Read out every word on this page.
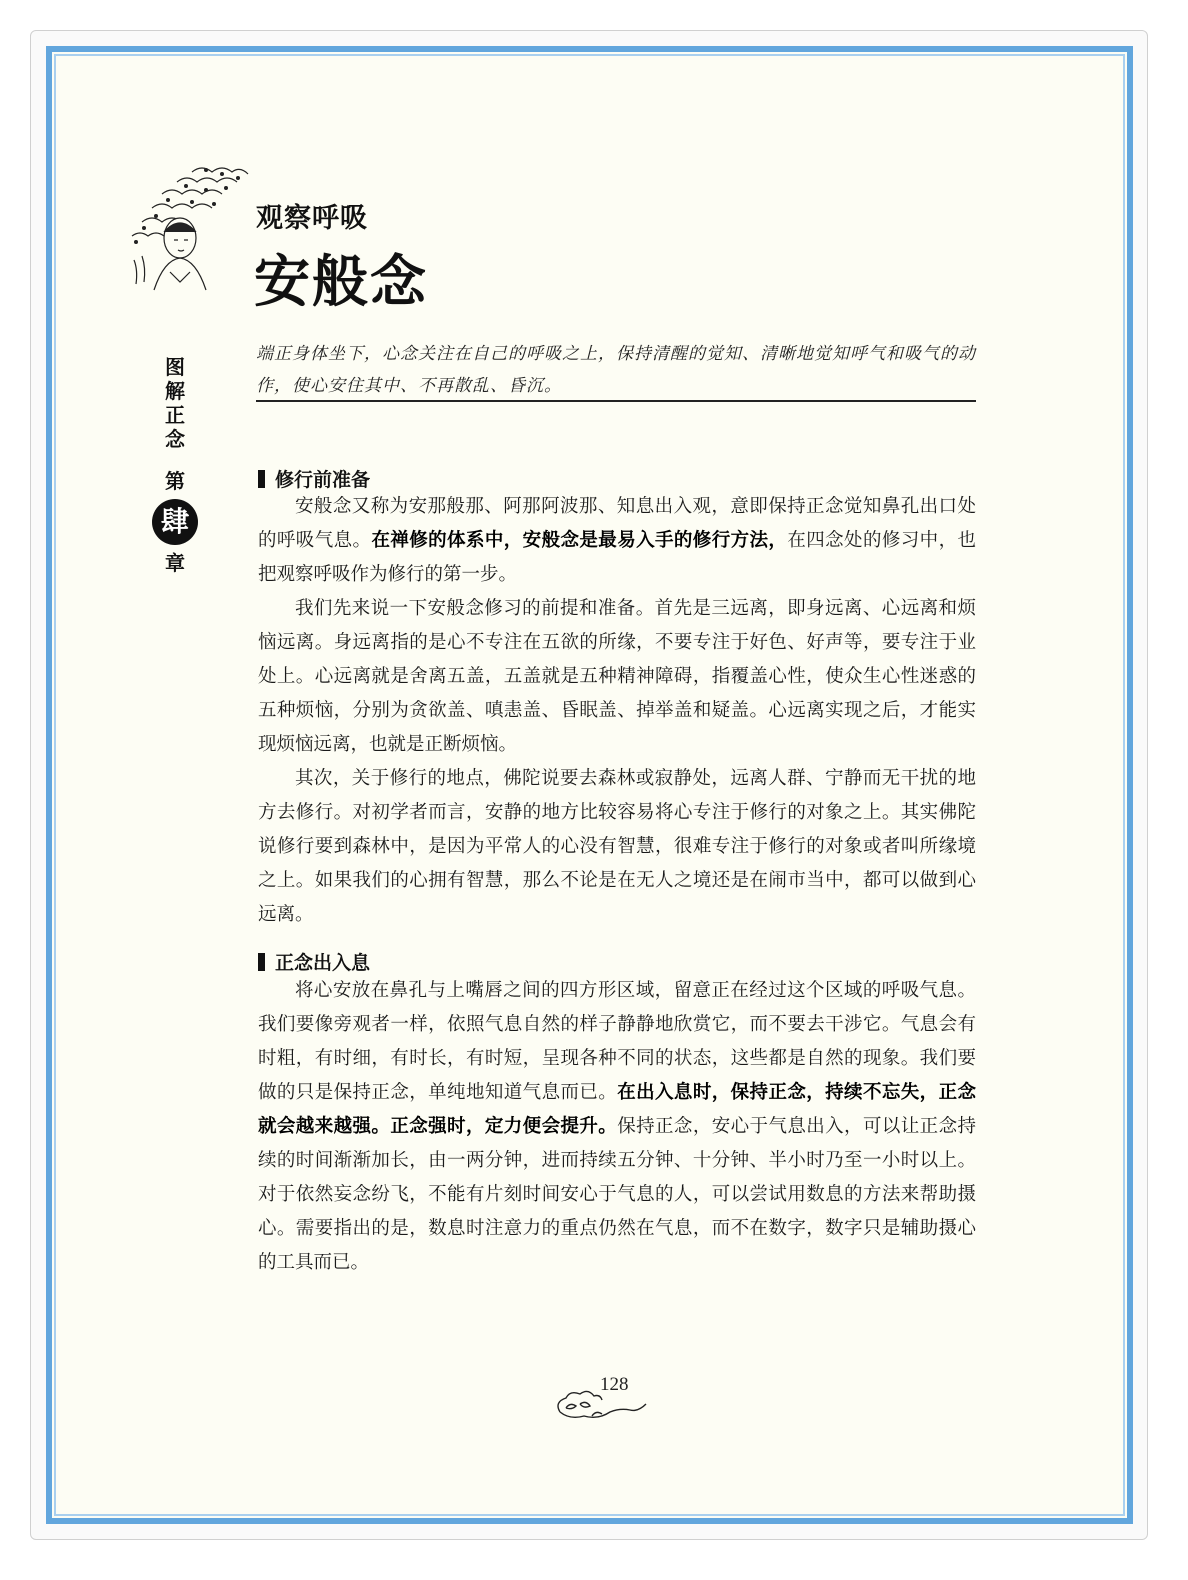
观察呼吸
安般念
图解正念
第
肆
章
端正身体坐下，心念关注在自己的呼吸之上，保持清醒的觉知、清晰地觉知呼气和吸气的动作，使心安住其中、不再散乱、昏沉。
修行前准备

安般念又称为安那般那、阿那阿波那、知息出入观，意即保持正念觉知鼻孔出口处的呼吸气息。在禅修的体系中，安般念是最易入手的修行方法，在四念处的修习中，也把观察呼吸作为修行的第一步。

我们先来说一下安般念修习的前提和准备。首先是三远离，即身远离、心远离和烦恼远离。身远离指的是心不专注在五欲的所缘，不要专注于好色、好声等，要专注于业处上。心远离就是舍离五盖，五盖就是五种精神障碍，指覆盖心性，使众生心性迷惑的五种烦恼，分别为贪欲盖、嗔恚盖、昏眠盖、掉举盖和疑盖。心远离实现之后，才能实现烦恼远离，也就是正断烦恼。

其次，关于修行的地点，佛陀说要去森林或寂静处，远离人群、宁静而无干扰的地方去修行。对初学者而言，安静的地方比较容易将心专注于修行的对象之上。其实佛陀说修行要到森林中，是因为平常人的心没有智慧，很难专注于修行的对象或者叫所缘境之上。如果我们的心拥有智慧，那么不论是在无人之境还是在闹市当中，都可以做到心远离。

正念出入息

将心安放在鼻孔与上嘴唇之间的四方形区域，留意正在经过这个区域的呼吸气息。我们要像旁观者一样，依照气息自然的样子静静地欣赏它，而不要去干涉它。气息会有时粗，有时细，有时长，有时短，呈现各种不同的状态，这些都是自然的现象。我们要做的只是保持正念，单纯地知道气息而已。在出入息时，保持正念，持续不忘失，正念就会越来越强。正念强时，定力便会提升。保持正念，安心于气息出入，可以让正念持续的时间渐渐加长，由一两分钟，进而持续五分钟、十分钟、半小时乃至一小时以上。对于依然妄念纷飞，不能有片刻时间安心于气息的人，可以尝试用数息的方法来帮助摄心。需要指出的是，数息时注意力的重点仍然在气息，而不在数字，数字只是辅助摄心的工具而已。

128
